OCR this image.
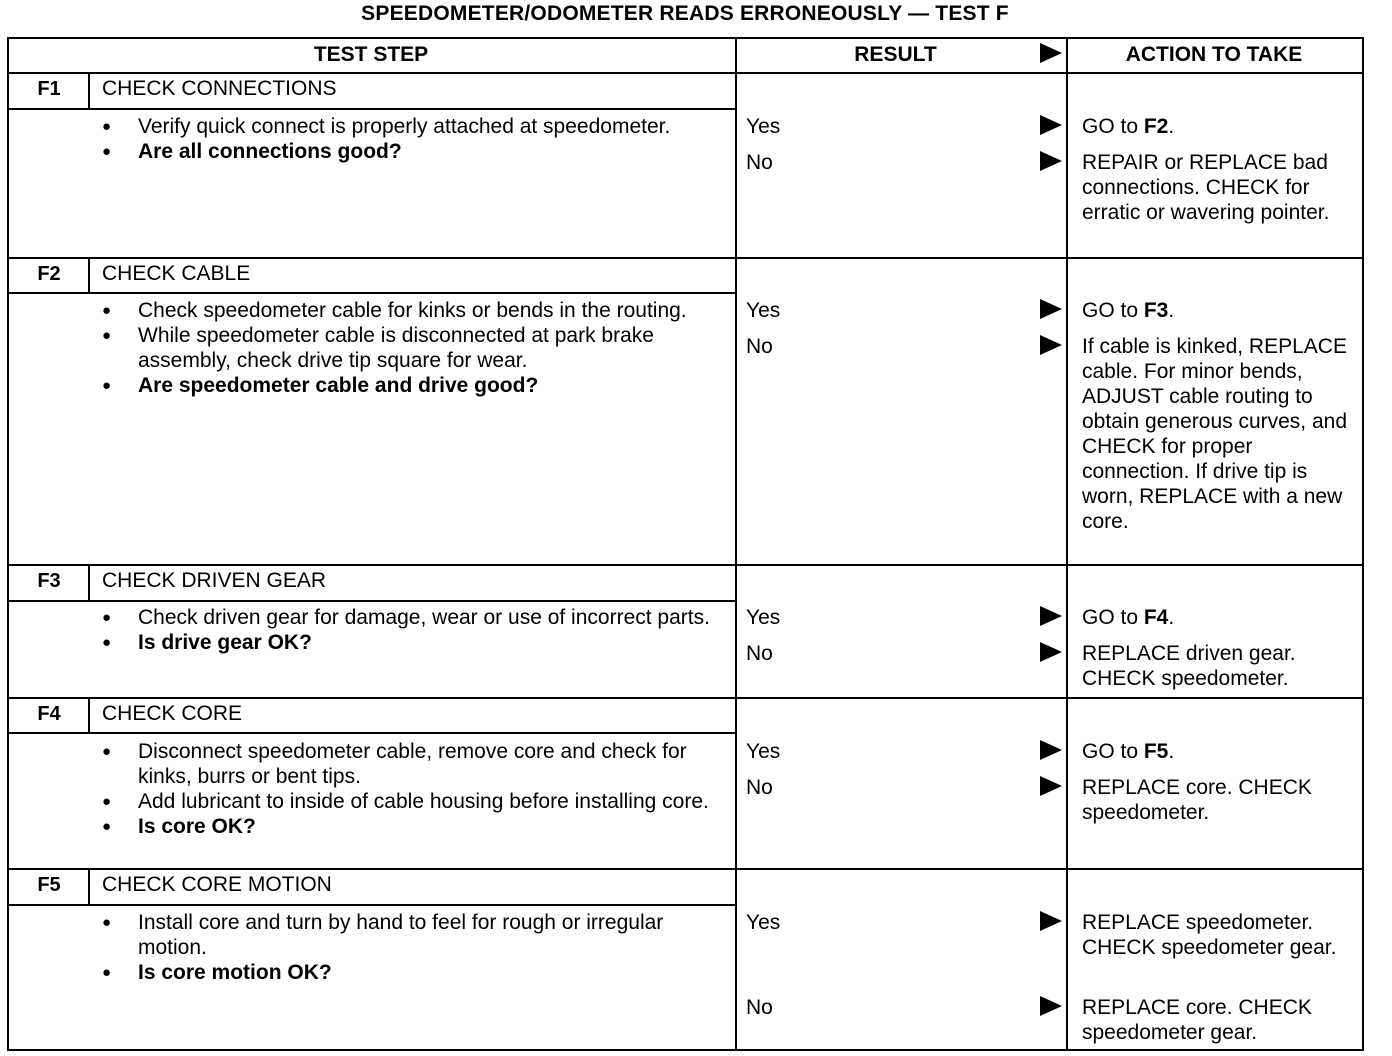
SPEEDOMETER/ODOMETER READS ERRONEOUSLY — TEST F
TEST STEP	RESULT	ACTION TO TAKE
F1	CHECK CONNECTIONS
● Verify quick connect is properly attached at speedometer.
● Are all connections good?
Yes	GO to F2.
No	REPAIR or REPLACE bad connections. CHECK for erratic or wavering pointer.
F2	CHECK CABLE
● Check speedometer cable for kinks or bends in the routing.
● While speedometer cable is disconnected at park brake assembly, check drive tip square for wear.
● Are speedometer cable and drive good?
Yes	GO to F3.
No	If cable is kinked, REPLACE cable. For minor bends, ADJUST cable routing to obtain generous curves, and CHECK for proper connection. If drive tip is worn, REPLACE with a new core.
F3	CHECK DRIVEN GEAR
● Check driven gear for damage, wear or use of incorrect parts.
● Is drive gear OK?
Yes	GO to F4.
No	REPLACE driven gear. CHECK speedometer.
F4	CHECK CORE
● Disconnect speedometer cable, remove core and check for kinks, burrs or bent tips.
● Add lubricant to inside of cable housing before installing core.
● Is core OK?
Yes	GO to F5.
No	REPLACE core. CHECK speedometer.
F5	CHECK CORE MOTION
● Install core and turn by hand to feel for rough or irregular motion.
● Is core motion OK?
Yes	REPLACE speedometer. CHECK speedometer gear.
No	REPLACE core. CHECK speedometer gear.
